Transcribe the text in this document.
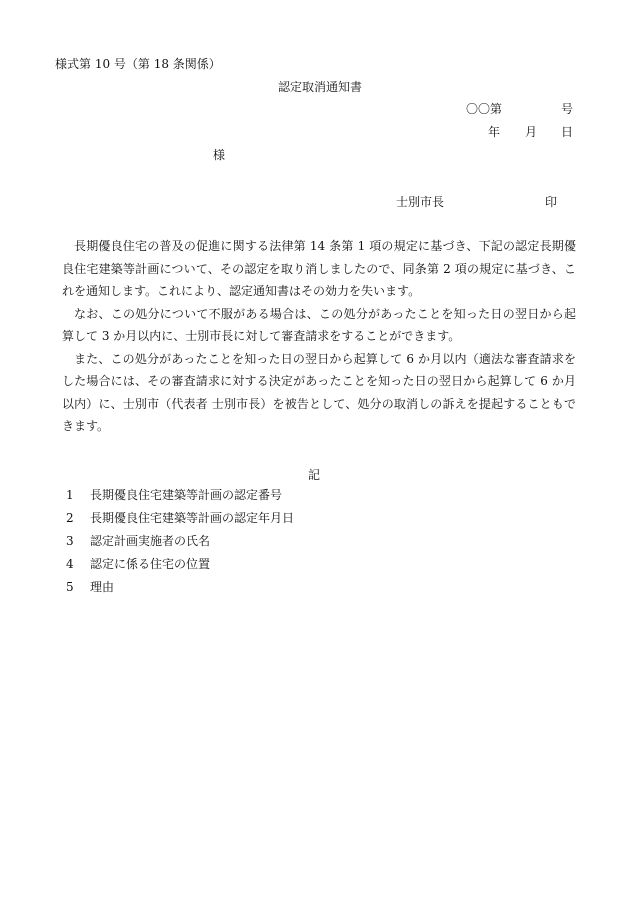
様式第 10 号（第 18 条関係）
認定取消通知書
〇〇第	号
年 月 日
様
士別市長	印

長期優良住宅の普及の促進に関する法律第 14 条第 1 項の規定に基づき、下記の認定長期優良住宅建築等計画について、その認定を取り消しましたので、同条第 2 項の規定に基づき、これを通知します。これにより、認定通知書はその効力を失います。

なお、この処分について不服がある場合は、この処分があったことを知った日の翌日から起算して 3 か月以内に、士別市長に対して審査請求をすることができます。

また、この処分があったことを知った日の翌日から起算して 6 か月以内（適法な審査請求をした場合には、その審査請求に対する決定があったことを知った日の翌日から起算して 6 か月以内）に、士別市（代表者 士別市長）を被告として、処分の取消しの訴えを提起することもできます。

記
1 長期優良住宅建築等計画の認定番号
2 長期優良住宅建築等計画の認定年月日
3 認定計画実施者の氏名
4 認定に係る住宅の位置
5 理由
